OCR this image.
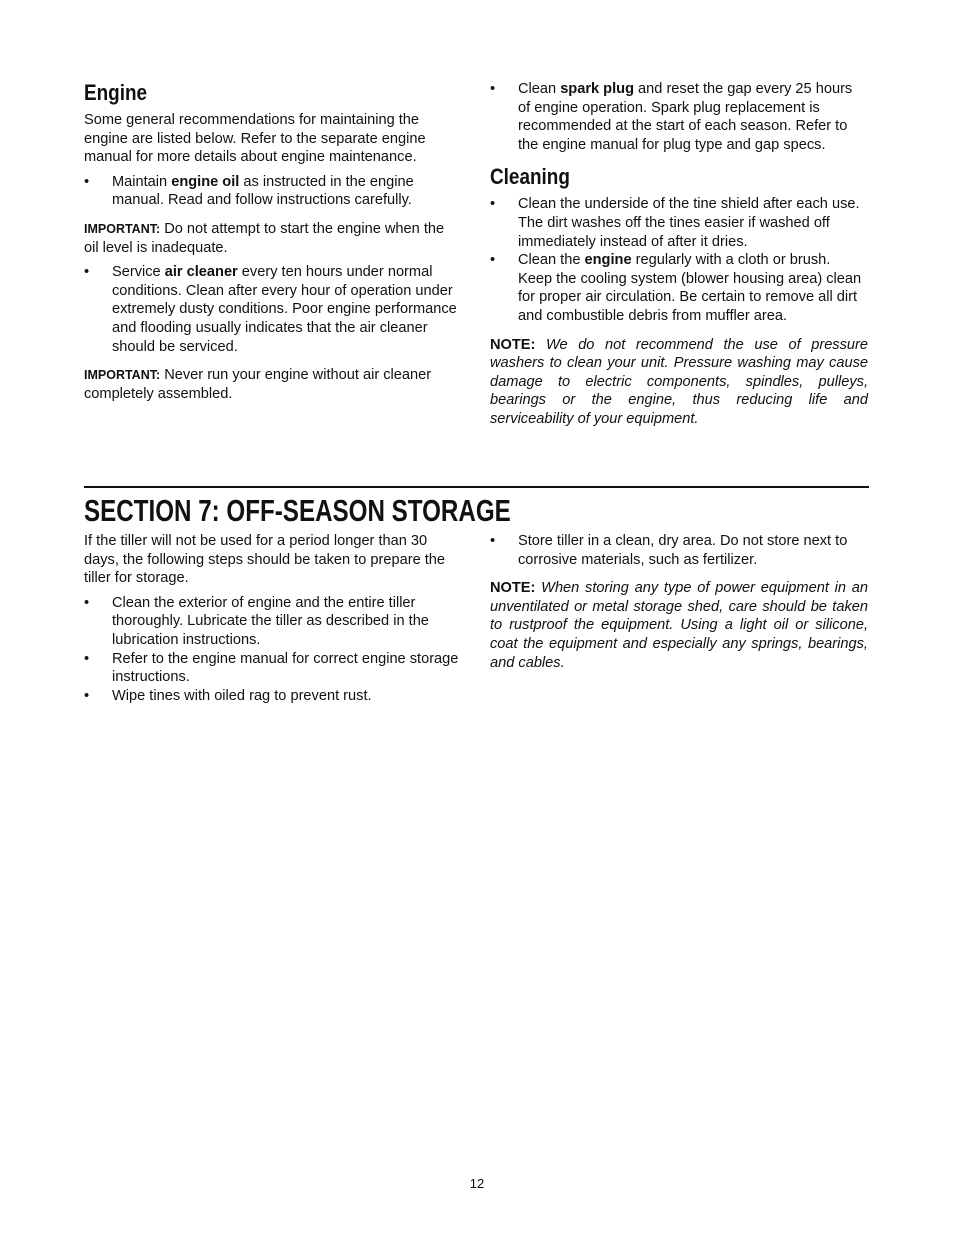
Engine

Some general recommendations for maintaining the engine are listed below. Refer to the separate engine manual for more details about engine maintenance.

• Maintain engine oil as instructed in the engine manual. Read and follow instructions carefully.

IMPORTANT: Do not attempt to start the engine when the oil level is inadequate.

• Service air cleaner every ten hours under normal conditions. Clean after every hour of operation under extremely dusty conditions. Poor engine performance and flooding usually indicates that the air cleaner should be serviced.

IMPORTANT: Never run your engine without air cleaner completely assembled.

• Clean spark plug and reset the gap every 25 hours of engine operation. Spark plug replacement is recommended at the start of each season. Refer to the engine manual for plug type and gap specs.
Cleaning
• Clean the underside of the tine shield after each use. The dirt washes off the tines easier if washed off immediately instead of after it dries.
• Clean the engine regularly with a cloth or brush. Keep the cooling system (blower housing area) clean for proper air circulation. Be certain to remove all dirt and combustible debris from muffler area.

NOTE: We do not recommend the use of pressure washers to clean your unit. Pressure washing may cause damage to electric components, spindles, pulleys, bearings or the engine, thus reducing life and serviceability of your equipment.

SECTION 7: OFF-SEASON STORAGE

If the tiller will not be used for a period longer than 30 days, the following steps should be taken to prepare the tiller for storage.

• Clean the exterior of engine and the entire tiller thoroughly. Lubricate the tiller as described in the lubrication instructions.
• Refer to the engine manual for correct engine storage instructions.
• Wipe tines with oiled rag to prevent rust.
• Store tiller in a clean, dry area. Do not store next to corrosive materials, such as fertilizer.

NOTE: When storing any type of power equipment in an unventilated or metal storage shed, care should be taken to rustproof the equipment. Using a light oil or silicone, coat the equipment and especially any springs, bearings, and cables.

12
